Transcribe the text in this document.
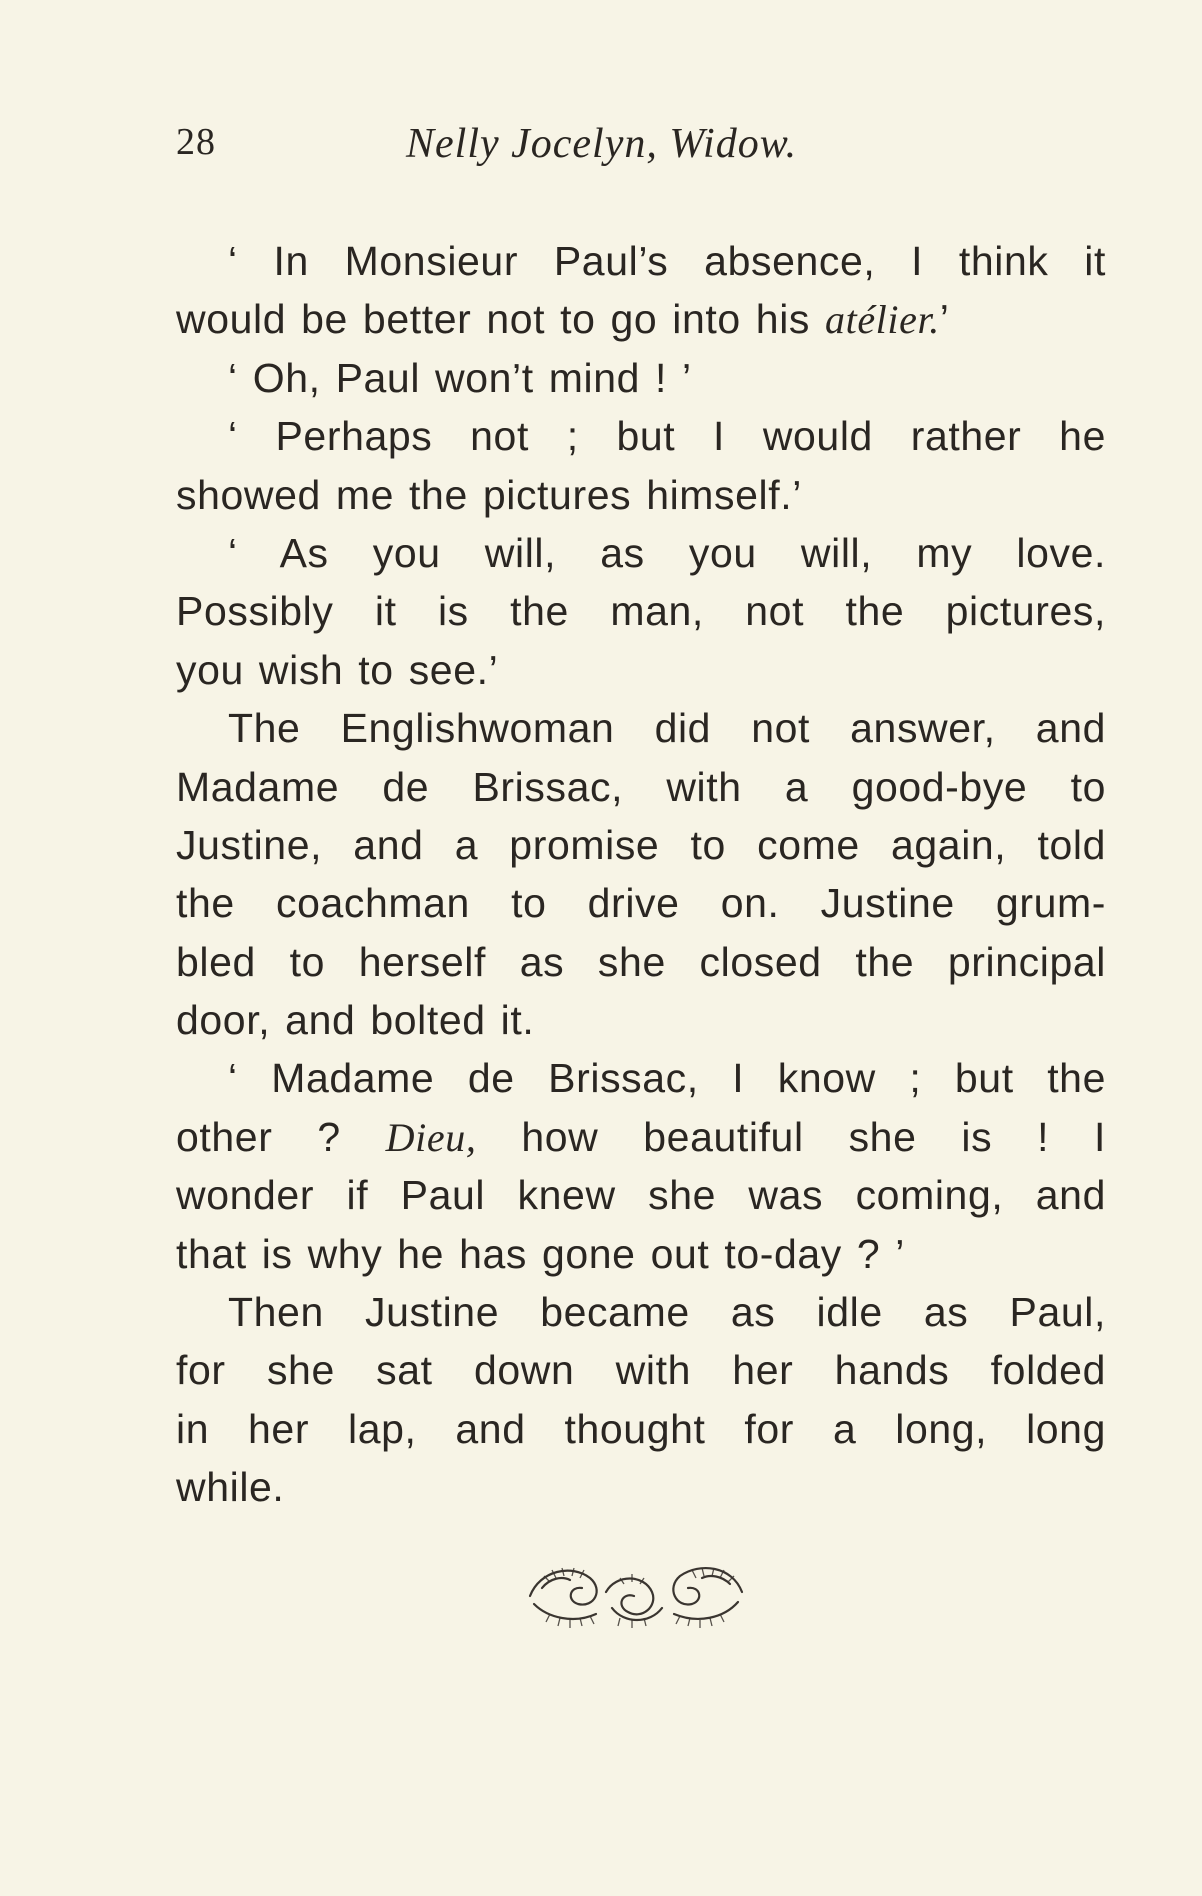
28	Nelly Jocelyn, Widow.
‘ In Monsieur Paul’s absence, I think it
would be better not to go into his atélier.’
‘ Oh, Paul won’t mind ! ’
‘ Perhaps not ; but I would rather he
showed me the pictures himself.’
‘ As you will, as you will, my love.
Possibly it is the man, not the pictures,
you wish to see.’
The Englishwoman did not answer, and
Madame de Brissac, with a good-bye to
Justine, and a promise to come again, told
the coachman to drive on. Justine grum-
bled to herself as she closed the principal
door, and bolted it.
‘ Madame de Brissac, I know ; but the
other ? Dieu, how beautiful she is ! I
wonder if Paul knew she was coming, and
that is why he has gone out to-day ? ’
Then Justine became as idle as Paul,
for she sat down with her hands folded
in her lap, and thought for a long, long
while.
